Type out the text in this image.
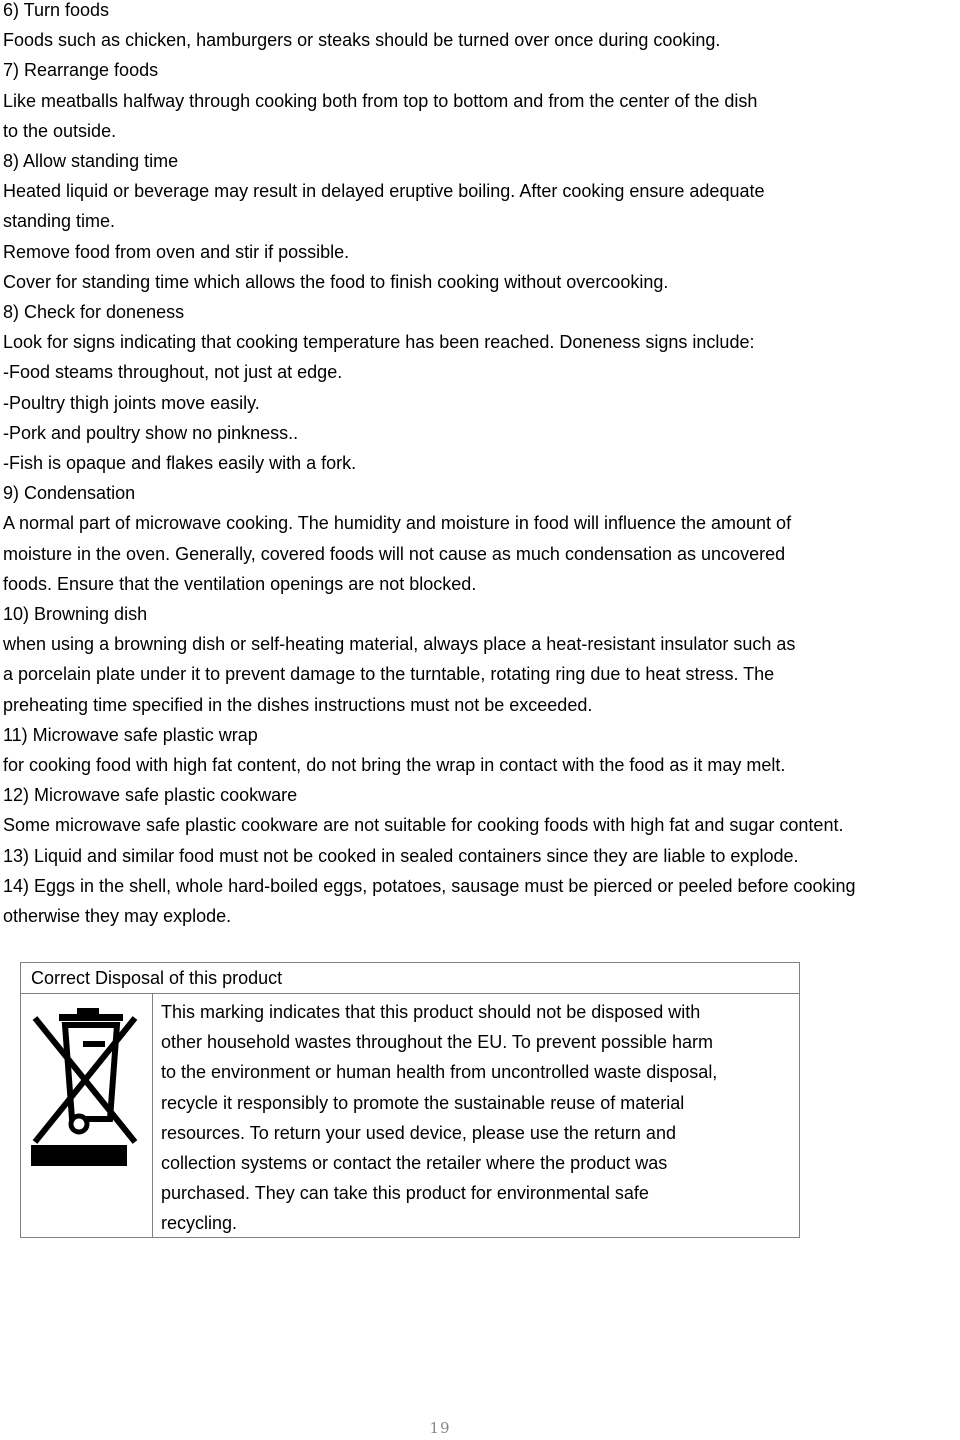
6) Turn foods

Foods such as chicken, hamburgers or steaks should be turned over once during cooking.

7) Rearrange foods

Like meatballs halfway through cooking both from top to bottom and from the center of the dish

to the outside.

8) Allow standing time

Heated liquid or beverage may result in delayed eruptive boiling. After cooking ensure adequate

standing time.

Remove food from oven and stir if possible.

Cover for standing time which allows the food to finish cooking without overcooking.

8) Check for doneness

Look for signs indicating that cooking temperature has been reached. Doneness signs include:

-Food steams throughout, not just at edge.

-Poultry thigh joints move easily.

-Pork and poultry show no pinkness..

-Fish is opaque and flakes easily with a fork.

9) Condensation

A normal part of microwave cooking. The humidity and moisture in food will influence the amount of

moisture in the oven. Generally, covered foods will not cause as much condensation as uncovered

foods. Ensure that the ventilation openings are not blocked.

10) Browning dish

when using a browning dish or self-heating material, always place a heat-resistant insulator such as

a porcelain plate under it to prevent damage to the turntable, rotating ring due to heat stress. The

preheating time specified in the dishes instructions must not be exceeded.

11) Microwave safe plastic wrap

for cooking food with high fat content, do not bring the wrap in contact with the food as it may melt.

12) Microwave safe plastic cookware

Some microwave safe plastic cookware are not suitable for cooking foods with high fat and sugar content.

13) Liquid and similar food must not be cooked in sealed containers since they are liable to explode.

14) Eggs in the shell, whole hard-boiled eggs, potatoes, sausage must be pierced or peeled before cooking

otherwise they may explode.

Correct Disposal of this product

This marking indicates that this product should not be disposed with

other household wastes throughout the EU. To prevent possible harm

to the environment or human health from uncontrolled waste disposal,

recycle it responsibly to promote the sustainable reuse of material

resources. To return your used device, please use the return and

collection systems or contact the retailer where the product was

purchased. They can take this product for environmental safe

recycling.

19
